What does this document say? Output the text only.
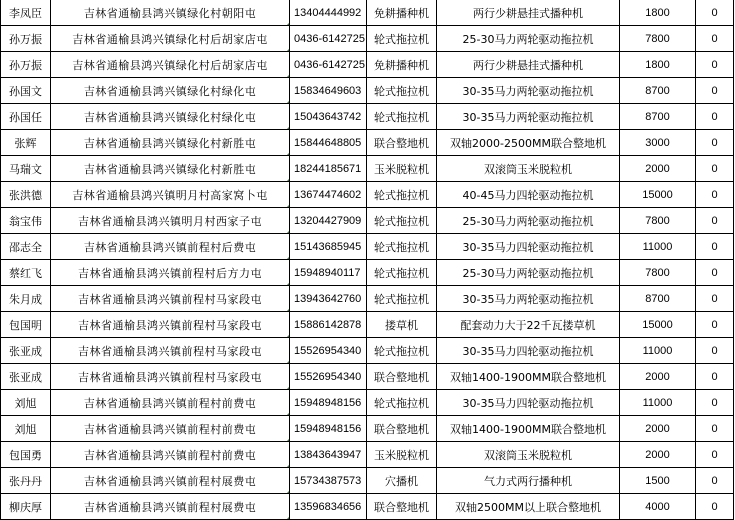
李凤臣	吉林省通榆县鸿兴镇绿化村朝阳屯	13404444992	免耕播种机	两行少耕悬挂式播种机	1800	0
孙万振	吉林省通榆县鸿兴镇绿化村后胡家店屯	0436-6142725	轮式拖拉机	25-30马力两轮驱动拖拉机	7800	0
孙万振	吉林省通榆县鸿兴镇绿化村后胡家店屯	0436-6142725	免耕播种机	两行少耕悬挂式播种机	1800	0
孙国文	吉林省通榆县鸿兴镇绿化村绿化屯	15834649603	轮式拖拉机	30-35马力两轮驱动拖拉机	8700	0
孙国任	吉林省通榆县鸿兴镇绿化村绿化屯	15043643742	轮式拖拉机	30-35马力两轮驱动拖拉机	8700	0
张辉	吉林省通榆县鸿兴镇绿化村新胜屯	15844648805	联合整地机	双轴2000-2500MM联合整地机	3000	0
马瑞文	吉林省通榆县鸿兴镇绿化村新胜屯	18244185671	玉米脱粒机	双滚筒玉米脱粒机	2000	0
张洪德	吉林省通榆县鸿兴镇明月村高家窝卜屯	13674474602	轮式拖拉机	40-45马力四轮驱动拖拉机	15000	0
翁宝伟	吉林省通榆县鸿兴镇明月村西家子屯	13204427909	轮式拖拉机	25-30马力两轮驱动拖拉机	7800	0
邵志全	吉林省通榆县鸿兴镇前程村后费屯	15143685945	轮式拖拉机	30-35马力四轮驱动拖拉机	11000	0
蔡红飞	吉林省通榆县鸿兴镇前程村后方力屯	15948940117	轮式拖拉机	25-30马力两轮驱动拖拉机	7800	0
朱月成	吉林省通榆县鸿兴镇前程村马家段屯	13943642760	轮式拖拉机	30-35马力两轮驱动拖拉机	8700	0
包国明	吉林省通榆县鸿兴镇前程村马家段屯	15886142878	搂草机	配套动力大于22千瓦搂草机	15000	0
张亚成	吉林省通榆县鸿兴镇前程村马家段屯	15526954340	轮式拖拉机	30-35马力四轮驱动拖拉机	11000	0
张亚成	吉林省通榆县鸿兴镇前程村马家段屯	15526954340	联合整地机	双轴1400-1900MM联合整地机	2000	0
刘旭	吉林省通榆县鸿兴镇前程村前费屯	15948948156	轮式拖拉机	30-35马力四轮驱动拖拉机	11000	0
刘旭	吉林省通榆县鸿兴镇前程村前费屯	15948948156	联合整地机	双轴1400-1900MM联合整地机	2000	0
包国勇	吉林省通榆县鸿兴镇前程村前费屯	13843643947	玉米脱粒机	双滚筒玉米脱粒机	2000	0
张丹丹	吉林省通榆县鸿兴镇前程村展费屯	15734387573	穴播机	气力式两行播种机	1500	0
柳庆厚	吉林省通榆县鸿兴镇前程村展费屯	13596834656	联合整地机	双轴2500MM以上联合整地机	4000	0
